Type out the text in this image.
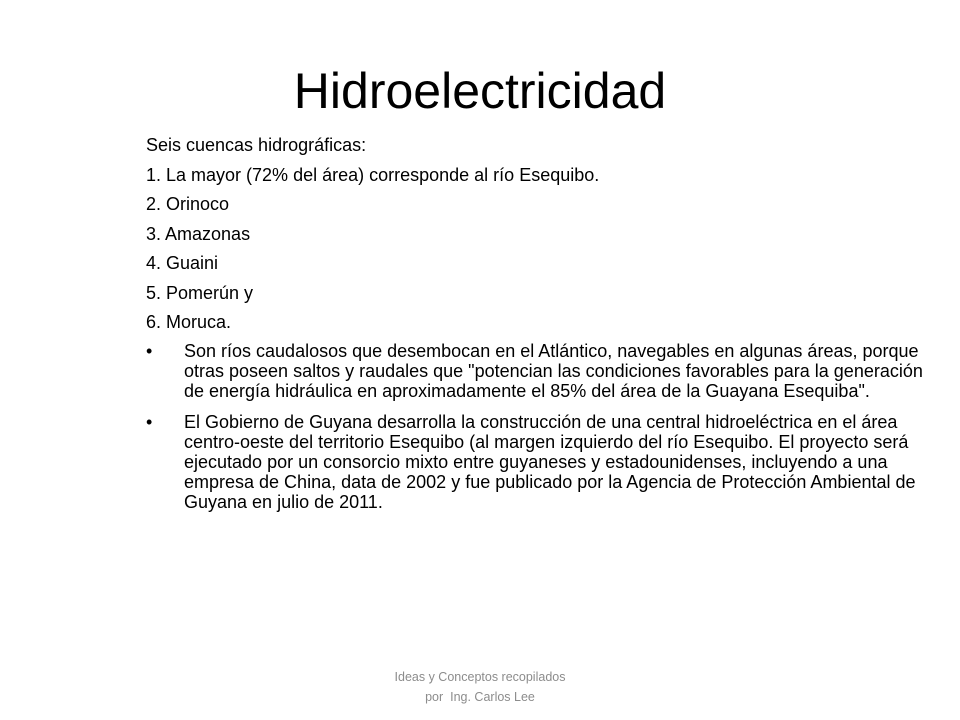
Hidroelectricidad

Seis cuencas hidrográficas:

1. La mayor (72% del área) corresponde al río Esequibo.

2. Orinoco

3. Amazonas

4. Guaini

5. Pomerún y

6. Moruca.

•	Son ríos caudalosos que desembocan en el Atlántico, navegables en algunas áreas, porque otras poseen saltos y raudales que "potencian las condiciones favorables para la generación de energía hidráulica en aproximadamente el 85% del área de la Guayana Esequiba".
•	El Gobierno de Guyana desarrolla la construcción de una central hidroeléctrica en el área centro-oeste del territorio Esequibo (al margen izquierdo del río Esequibo. El proyecto será ejecutado por un consorcio mixto entre guyaneses y estadounidenses, incluyendo a una empresa de China, data de 2002 y fue publicado por la Agencia de Protección Ambiental de Guyana en julio de 2011.
Ideas y Conceptos recopilados
por  Ing. Carlos Lee
